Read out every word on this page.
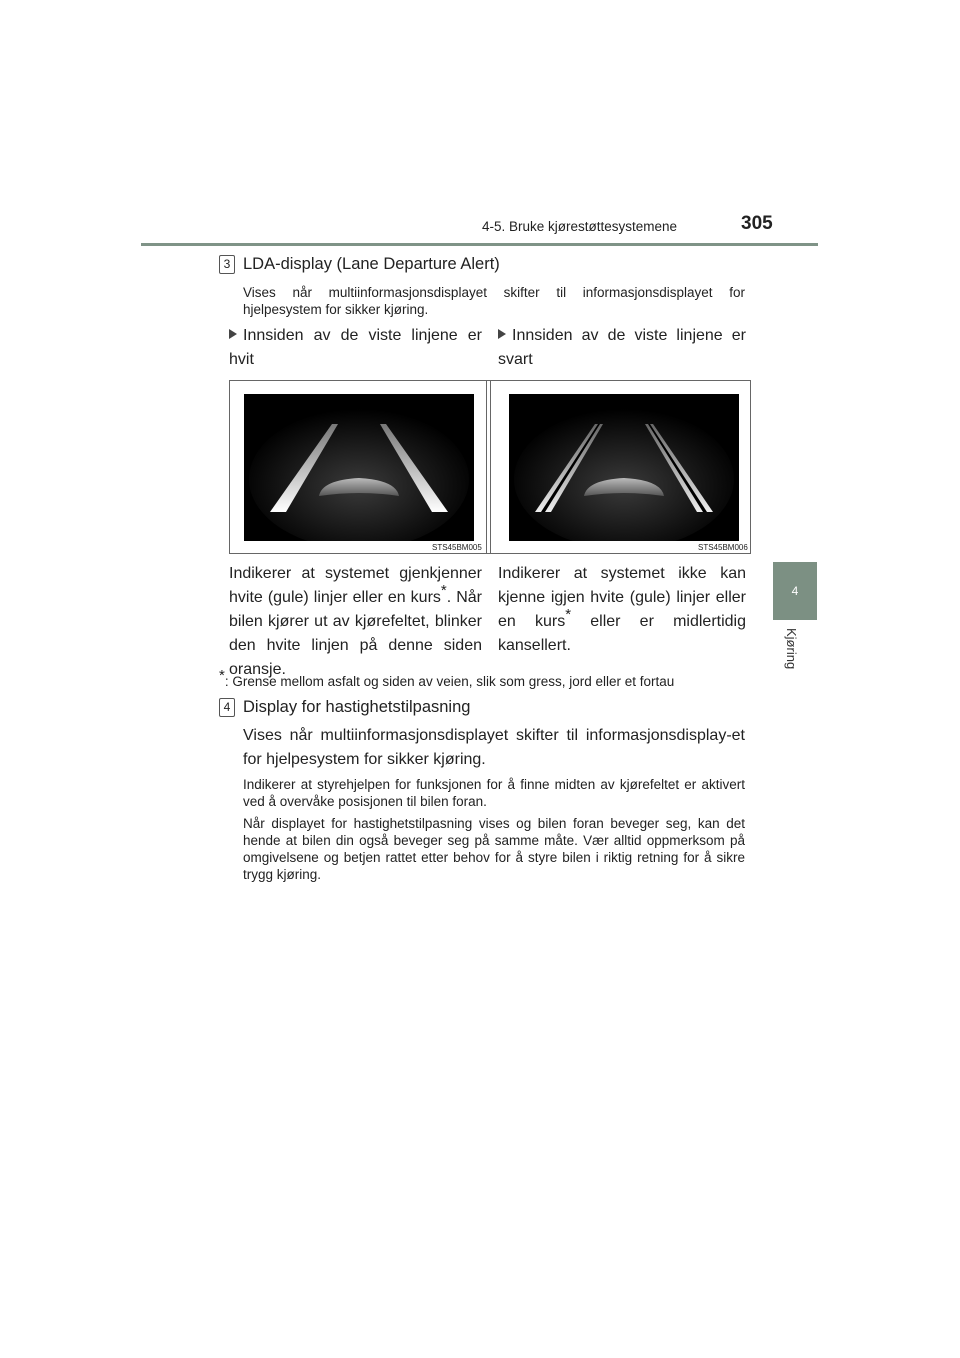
4-5. Bruke kjørestøttesystemene	305
4
Kjøring
3 LDA-display (Lane Departure Alert)
Vises når multiinformasjonsdisplayet skifter til informasjonsdisplayet for hjelpesystem for sikker kjøring.
Innsiden av de viste linjene er hvit
Innsiden av de viste linjene er svart
STS45BM005	STS45BM006
Indikerer at systemet gjenkjenner hvite (gule) linjer eller en kurs*. Når bilen kjører ut av kjørefeltet, blinker den hvite linjen på denne siden oransje.
Indikerer at systemet ikke kan kjenne igjen hvite (gule) linjer eller en kurs* eller er midlertidig kansellert.
*: Grense mellom asfalt og siden av veien, slik som gress, jord eller et fortau
4 Display for hastighetstilpasning
Vises når multiinformasjonsdisplayet skifter til informasjonsdisplay-et for hjelpesystem for sikker kjøring.
Indikerer at styrehjelpen for funksjonen for å finne midten av kjørefeltet er aktivert ved å overvåke posisjonen til bilen foran.
Når displayet for hastighetstilpasning vises og bilen foran beveger seg, kan det hende at bilen din også beveger seg på samme måte. Vær alltid oppmerksom på omgivelsene og betjen rattet etter behov for å styre bilen i riktig retning for å sikre trygg kjøring.
